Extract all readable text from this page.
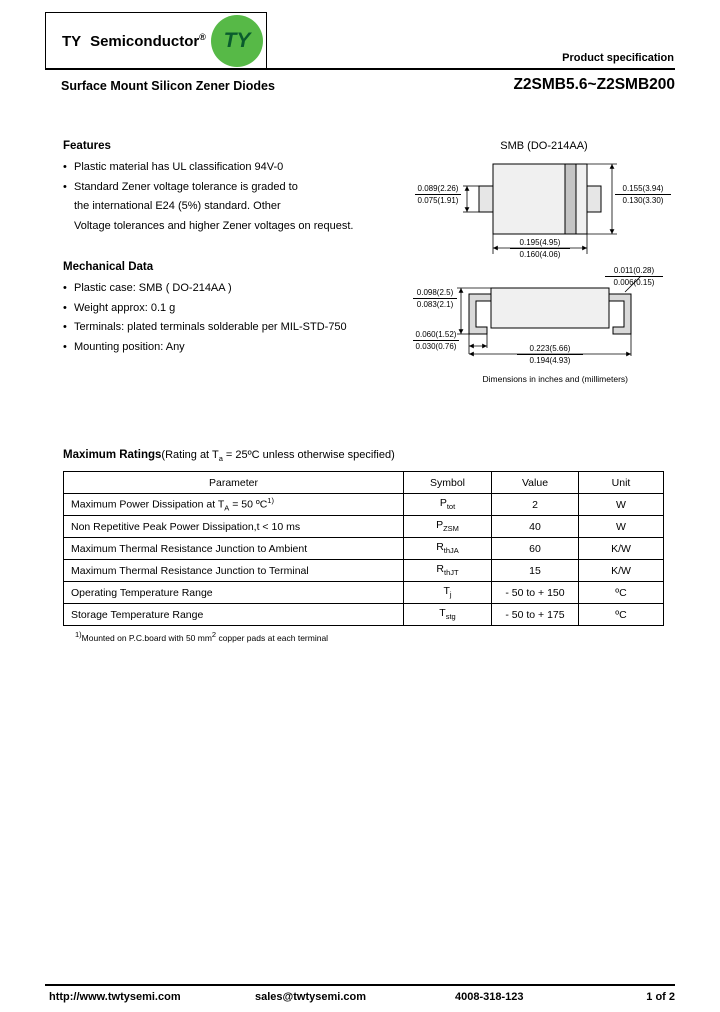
TY Semiconductor® TY
Product specification
Surface Mount Silicon Zener Diodes	Z2SMB5.6~Z2SMB200
Features
• Plastic material has UL classification 94V-0
• Standard Zener voltage tolerance is graded to
the international E24 (5%) standard. Other
Voltage tolerances and higher Zener voltages on request.
Mechanical Data
• Plastic case: SMB ( DO-214AA )
• Weight approx: 0.1 g
• Terminals: plated terminals solderable per MIL-STD-750
• Mounting position: Any
SMB (DO-214AA)
0.089(2.26)
0.075(1.91)
0.155(3.94)
0.130(3.30)
0.195(4.95)
0.160(4.06)
0.011(0.28)
0.006(0.15)
0.098(2.5)
0.083(2.1)
0.060(1.52)
0.030(0.76)	0.223(5.66)
0.194(4.93)
Dimensions in inches and (millimeters)
Maximum Ratings(Rating at $T_a$ = 25ºC unless otherwise specified)
Parameter	Symbol	Value	Unit
Maximum Power Dissipation at $T_A = 50$ ºC$^{1)}$	$P_{tot}$	2	W
Non Repetitive Peak Power Dissipation,t < 10 ms	$P_{ZSM}$	40	W
Maximum Thermal Resistance Junction to Ambient	$R_{thJA}$	60	K/W
Maximum Thermal Resistance Junction to Terminal	$R_{thJT}$	15	K/W
Operating Temperature Range	$T_j$	- 50 to + 150	ºC
Storage Temperature Range	$T_{stg}$	- 50 to + 175	ºC
$^{1)}$Mounted on P.C.board with 50 $mm^2$ copper pads at each terminal
http://www.twtysemi.com	sales@twtysemi.com	4008-318-123	1 of 2
